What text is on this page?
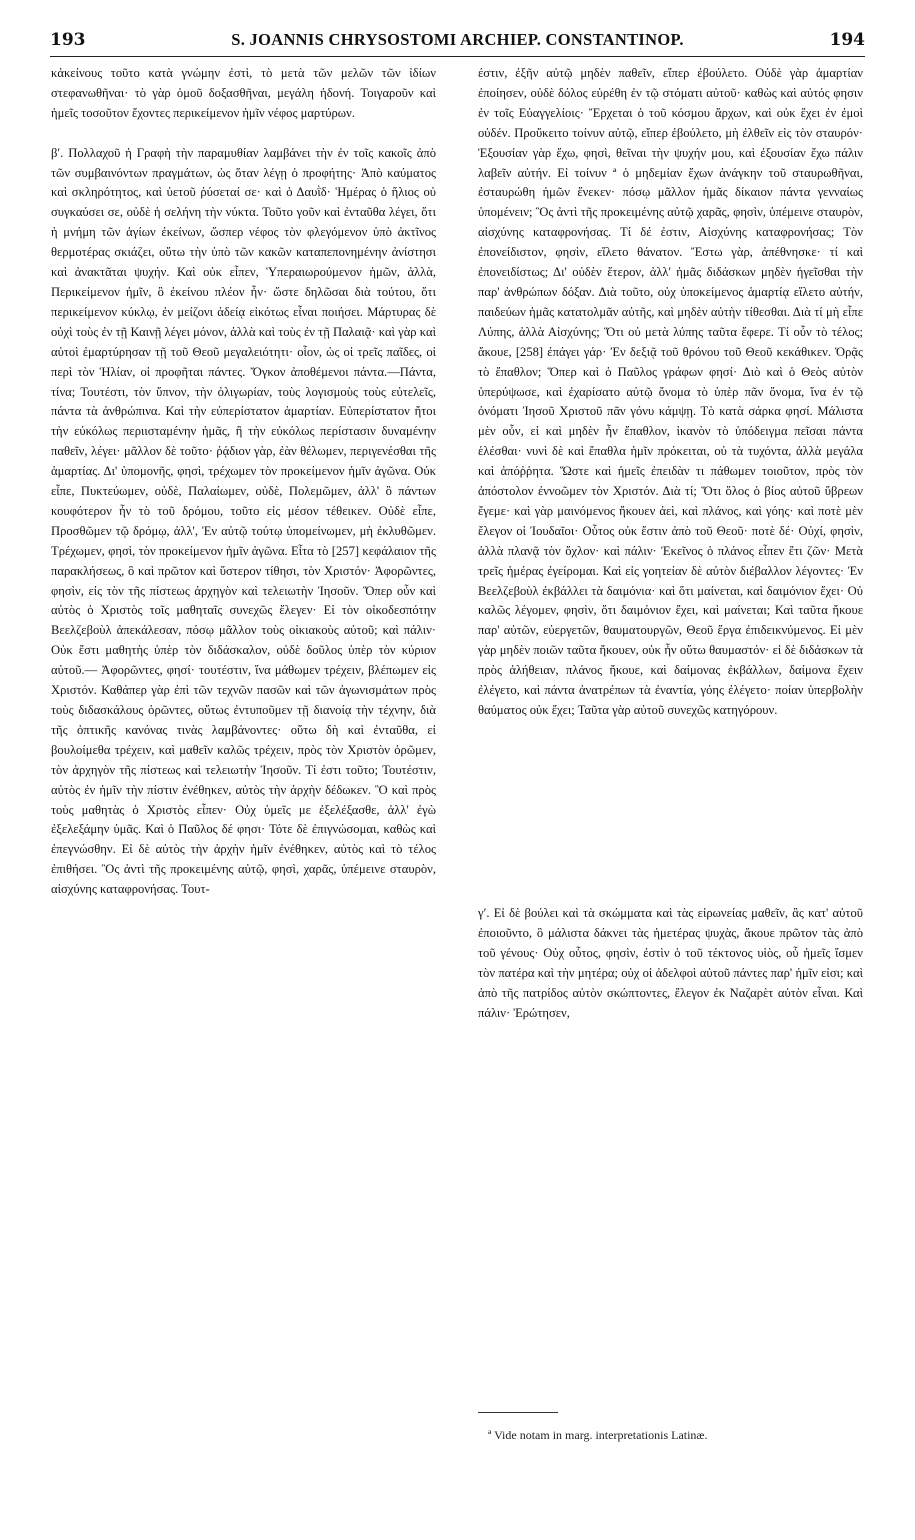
193	S. JOANNIS CHRYSOSTOMI ARCHIEP. CONSTANTINOP.	194
κἀκείνους τοῦτο κατὰ γνώμην ἐστὶ, τὸ μετὰ τῶν μελῶν τῶν ἰδίων στεφανωθῆναι· τὸ γὰρ ὁμοῦ δοξασθῆναι, μεγάλη ἡδονή. Τοιγαροῦν καὶ ἡμεῖς τοσοῦτον ἔχοντες περικείμενον ἡμῖν νέφος μαρτύρων.

βʹ. Πολλαχοῦ ἡ Γραφὴ τὴν παραμυθίαν λαμβάνει τὴν ἐν τοῖς κακοῖς ἀπὸ τῶν συμβαινόντων πραγμάτων, ὡς ὅταν λέγῃ ὁ προφήτης· Ἀπὸ καύματος καὶ σκληρότητος, καὶ ὑετοῦ ῥύσεταί σε· καὶ ὁ Δαυῒδ· Ἡμέρας ὁ ἥλιος οὐ συγκαύσει σε, οὐδὲ ἡ σελήνη τὴν νύκτα. Τοῦτο γοῦν καὶ ἐνταῦθα λέγει, ὅτι ἡ μνήμη τῶν ἁγίων ἐκείνων, ὥσπερ νέφος τὸν φλεγόμενον ὑπὸ ἀκτῖνος θερμοτέρας σκιάζει, οὕτω τὴν ὑπὸ τῶν κακῶν καταπεπονημένην ἀνίστησι καὶ ἀνακτᾶται ψυχήν. Καὶ οὐκ εἶπεν, Ὑπεραιωρούμενον ἡμῶν, ἀλλὰ, Περικείμενον ἡμῖν, ὃ ἐκείνου πλέον ἦν· ὥστε δηλῶσαι διὰ τούτου, ὅτι περικείμενον κύκλῳ, ἐν μείζονι ἀδείᾳ εἰκότως εἶναι ποιήσει. Μάρτυρας δὲ οὐχὶ τοὺς ἐν τῇ Καινῇ λέγει μόνον, ἀλλὰ καὶ τοὺς ἐν τῇ Παλαιᾷ· καὶ γὰρ καὶ αὐτοὶ ἐμαρτύρησαν τῇ τοῦ Θεοῦ μεγαλειότητι· οἷον, ὡς οἱ τρεῖς παῖδες, οἱ περὶ τὸν Ἡλίαν, οἱ προφῆται πάντες. Ὄγκον ἀποθέμενοι πάντα.—Πάντα, τίνα; Τουτέστι, τὸν ὕπνον, τὴν ὀλιγωρίαν, τοὺς λογισμοὺς τοὺς εὐτελεῖς, πάντα τὰ ἀνθρώπινα. Καὶ τὴν εὐπερίστατον ἁμαρτίαν. Εὐπερίστατον ἤτοι τὴν εὐκόλως περιισταμένην ἡμᾶς, ἢ τὴν εὐκόλως περίστασιν δυναμένην παθεῖν, λέγει· μᾶλλον δὲ τοῦτο· ῥᾴδιον γὰρ, ἐὰν θέλωμεν, περιγενέσθαι τῆς ἁμαρτίας. Δι' ὑπομονῆς, φησὶ, τρέχωμεν τὸν προκείμενον ἡμῖν ἀγῶνα. Οὐκ εἶπε, Πυκτεύωμεν, οὐδὲ, Παλαίωμεν, οὐδὲ, Πολεμῶμεν, ἀλλ' ὃ πάντων κουφότερον ἦν τὸ τοῦ δρόμου, τοῦτο εἰς μέσον τέθεικεν. Οὐδὲ εἶπε, Προσθῶμεν τῷ δρόμῳ, ἀλλ', Ἐν αὐτῷ τούτῳ ὑπομείνωμεν, μὴ ἐκλυθῶμεν. Τρέχωμεν, φησὶ, τὸν προκείμενον ἡμῖν ἀγῶνα. Εἶτα τὸ [257] κεφάλαιον τῆς παρακλήσεως, ὃ καὶ πρῶτον καὶ ὕστερον τίθησι, τὸν Χριστόν· Ἀφορῶντες, φησὶν, εἰς τὸν τῆς πίστεως ἀρχηγὸν καὶ τελειωτὴν Ἰησοῦν. Ὅπερ οὖν καὶ αὐτὸς ὁ Χριστὸς τοῖς μαθηταῖς συνεχῶς ἔλεγεν· Εἰ τὸν οἰκοδεσπότην Βεελζεβοὺλ ἀπεκάλεσαν, πόσῳ μᾶλλον τοὺς οἰκιακοὺς αὐτοῦ; καὶ πάλιν· Οὐκ ἔστι μαθητὴς ὑπὲρ τὸν διδάσκαλον, οὐδὲ δοῦλος ὑπὲρ τὸν κύριον αὐτοῦ.— Ἀφορῶντες, φησί· τουτέστιν, ἵνα μάθωμεν τρέχειν, βλέπωμεν εἰς Χριστόν. Καθάπερ γὰρ ἐπὶ τῶν τεχνῶν πασῶν καὶ τῶν ἀγωνισμάτων πρὸς τοὺς διδασκάλους ὁρῶντες, οὕτως ἐντυποῦμεν τῇ διανοίᾳ τὴν τέχνην, διὰ τῆς ὀπτικῆς κανόνας τινὰς λαμβάνοντες· οὕτω δὴ καὶ ἐνταῦθα, εἰ βουλοίμεθα τρέχειν, καὶ μαθεῖν καλῶς τρέχειν, πρὸς τὸν Χριστὸν ὁρῶμεν, τὸν ἀρχηγὸν τῆς πίστεως καὶ τελειωτὴν Ἰησοῦν. Τί ἐστι τοῦτο; Τουτέστιν, αὐτὸς ἐν ἡμῖν τὴν πίστιν ἐνέθηκεν, αὐτὸς τὴν ἀρχὴν δέδωκεν. Ὃ καὶ πρὸς τοὺς μαθητὰς ὁ Χριστὸς εἶπεν· Οὐχ ὑμεῖς με ἐξελέξασθε, ἀλλ' ἐγὼ ἐξελεξάμην ὑμᾶς. Καὶ ὁ Παῦλος δέ φησι· Τότε δὲ ἐπιγνώσομαι, καθὼς καὶ ἐπεγνώσθην. Εἰ δὲ αὐτὸς τὴν ἀρχὴν ἡμῖν ἐνέθηκεν, αὐτὸς καὶ τὸ τέλος ἐπιθήσει. Ὃς ἀντὶ τῆς προκειμένης αὐτῷ, φησὶ, χαρᾶς, ὑπέμεινε σταυρὸν, αἰσχύνης καταφρονήσας. Τουτ-
έστιν, ἐξῆν αὐτῷ μηδὲν παθεῖν, εἴπερ ἐβούλετο. Οὐδὲ γὰρ ἁμαρτίαν ἐποίησεν, οὐδὲ δόλος εὑρέθη ἐν τῷ στόματι αὐτοῦ· καθὼς καὶ αὐτός φησιν ἐν τοῖς Εὐαγγελίοις· Ἔρχεται ὁ τοῦ κόσμου ἄρχων, καὶ οὐκ ἔχει ἐν ἐμοὶ οὐδέν. Προὔκειτο τοίνυν αὐτῷ, εἴπερ ἐβούλετο, μὴ ἐλθεῖν εἰς τὸν σταυρόν· Ἐξουσίαν γὰρ ἔχω, φησὶ, θεῖναι τὴν ψυχήν μου, καὶ ἐξουσίαν ἔχω πάλιν λαβεῖν αὐτήν. Εἰ τοίνυν ª ὁ μηδεμίαν ἔχων ἀνάγκην τοῦ σταυρωθῆναι, ἐσταυρώθη ἡμῶν ἕνεκεν· πόσῳ μᾶλλον ἡμᾶς δίκαιον πάντα γενναίως ὑπομένειν; Ὃς ἀντὶ τῆς προκειμένης αὐτῷ χαρᾶς, φησὶν, ὑπέμεινε σταυρὸν, αἰσχύνης καταφρονήσας. Τί δέ ἐστιν, Αἰσχύνης καταφρονήσας; Τὸν ἐπονείδιστον, φησὶν, εἵλετο θάνατον. Ἔστω γὰρ, ἀπέθνησκε· τί καὶ ἐπονειδίστως; Δι' οὐδὲν ἕτερον, ἀλλ' ἡμᾶς διδάσκων μηδὲν ἡγεῖσθαι τὴν παρ' ἀνθρώπων δόξαν. Διὰ τοῦτο, οὐχ ὑποκείμενος ἁμαρτίᾳ εἵλετο αὐτήν, παιδεύων ἡμᾶς κατατολμᾶν αὐτῆς, καὶ μηδὲν αὐτὴν τίθεσθαι. Διὰ τί μὴ εἶπε Λύπης, ἀλλὰ Αἰσχύνης; Ὅτι οὐ μετὰ λύπης ταῦτα ἔφερε. Τί οὖν τὸ τέλος; ἄκουε, [258] ἐπάγει γάρ· Ἐν δεξιᾷ τοῦ θρόνου τοῦ Θεοῦ κεκάθικεν. Ὁρᾷς τὸ ἔπαθλον; Ὅπερ καὶ ὁ Παῦλος γράφων φησί· Διὸ καὶ ὁ Θεὸς αὐτὸν ὑπερύψωσε, καὶ ἐχαρίσατο αὐτῷ ὄνομα τὸ ὑπὲρ πᾶν ὄνομα, ἵνα ἐν τῷ ὀνόματι Ἰησοῦ Χριστοῦ πᾶν γόνυ κάμψῃ. Τὸ κατὰ σάρκα φησί. Μάλιστα μὲν οὖν, εἰ καὶ μηδὲν ἦν ἔπαθλον, ἱκανὸν τὸ ὑπόδειγμα πεῖσαι πάντα ἑλέσθαι· νυνὶ δὲ καὶ ἔπαθλα ἡμῖν πρόκειται, οὐ τὰ τυχόντα, ἀλλὰ μεγάλα καὶ ἀπόῤῥητα. Ὥστε καὶ ἡμεῖς ἐπειδὰν τι πάθωμεν τοιοῦτον, πρὸς τὸν ἀπόστολον ἐννοῶμεν τὸν Χριστόν. Διὰ τί; Ὅτι ὅλος ὁ βίος αὐτοῦ ὕβρεων ἔγεμε· καὶ γὰρ μαινόμενος ἤκουεν ἀεὶ, καὶ πλάνος, καὶ γόης· καὶ ποτὲ μὲν ἔλεγον οἱ Ἰουδαῖοι· Οὗτος οὐκ ἔστιν ἀπὸ τοῦ Θεοῦ· ποτὲ δέ· Οὐχί, φησὶν, ἀλλὰ πλανᾷ τὸν ὄχλον· καὶ πάλιν· Ἐκεῖνος ὁ πλάνος εἶπεν ἔτι ζῶν· Μετὰ τρεῖς ἡμέρας ἐγείρομαι. Καὶ εἰς γοητείαν δὲ αὐτὸν διέβαλλον λέγοντες· Ἐν Βεελζεβοὺλ ἐκβάλλει τὰ δαιμόνια· καὶ ὅτι μαίνεται, καὶ δαιμόνιον ἔχει· Οὐ καλῶς λέγομεν, φησὶν, ὅτι δαιμόνιον ἔχει, καὶ μαίνεται; Καὶ ταῦτα ἤκουε παρ' αὐτῶν, εὐεργετῶν, θαυματουργῶν, Θεοῦ ἔργα ἐπιδεικνύμενος. Εἰ μὲν γὰρ μηδὲν ποιῶν ταῦτα ἤκουεν, οὐκ ἦν οὕτω θαυμαστόν· εἰ δὲ διδάσκων τὰ πρὸς ἀλήθειαν, πλάνος ἤκουε, καὶ δαίμονας ἐκβάλλων, δαίμονα ἔχειν ἐλέγετο, καὶ πάντα ἀνατρέπων τὰ ἐναντία, γόης ἐλέγετο· ποίαν ὑπερβολὴν θαύματος οὐκ ἔχει; Ταῦτα γὰρ αὐτοῦ συνεχῶς κατηγόρουν.
γʹ. Εἰ δὲ βούλει καὶ τὰ σκώμματα καὶ τὰς εἰρωνείας μαθεῖν, ἃς κατ' αὐτοῦ ἐποιοῦντο, ὃ μάλιστα δάκνει τὰς ἡμετέρας ψυχὰς, ἄκουε πρῶτον τὰς ἀπὸ τοῦ γένους· Οὐχ οὗτος, φησὶν, ἐστὶν ὁ τοῦ τέκτονος υἱὸς, οὗ ἡμεῖς ἴσμεν τὸν πατέρα καὶ τὴν μητέρα; οὐχ οἱ ἀδελφοὶ αὐτοῦ πάντες παρ' ἡμῖν εἰσι; καὶ ἀπὸ τῆς πατρίδος αὐτὸν σκώπτοντες, ἔλεγον ἐκ Ναζαρὲτ αὐτὸν εἶναι. Καὶ πάλιν· Ἐρώτησεν,
ª Vide notam in marg. interpretationis Latinæ.
